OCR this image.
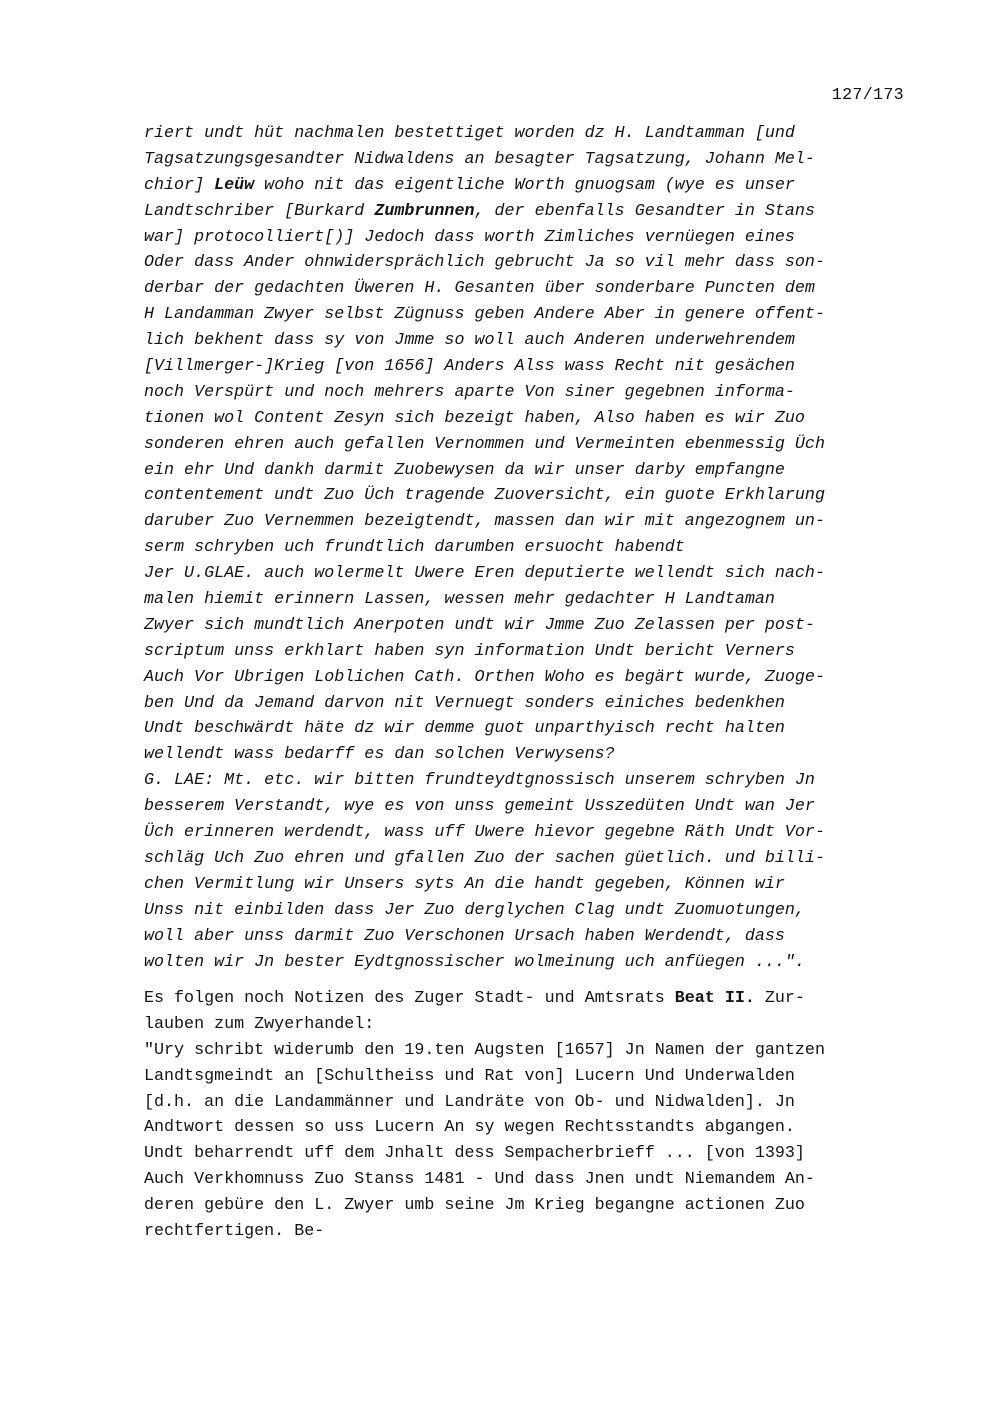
127/173
riert undt hüt nachmalen bestettiget worden dz H. Landtamman [und
Tagsatzungsgesandter Nidwaldens an besagter Tagsatzung, Johann Mel-
chior] Leüw woho nit das eigentliche Worth gnuogsam (wye es unser
Landtschriber [Burkard Zumbrunnen, der ebenfalls Gesandter in Stans
war] protocolliert[)] Jedoch dass worth Zimliches vernüegen eines
Oder dass Ander ohnwidersprächlich gebrucht Ja so vil mehr dass son-
derbar der gedachten Üweren H. Gesanten über sonderbare Puncten dem
H Landamman Zwyer selbst Zügnuss geben Andere Aber in genere offent-
lich bekhent dass sy von Jmme so woll auch Anderen underwehrendem
[Villmerger-]Krieg [von 1656] Anders Alss wass Recht nit gesächen
noch Verspürt und noch mehrers aparte Von siner gegebnen informa-
tionen wol Content Zesyn sich bezeigt haben, Also haben es wir Zuo
sonderen ehren auch gefallen Vernommen und Vermeinten ebenmessig Üch
ein ehr Und dankh darmit Zuobewysen da wir unser darby empfangne
contentement undt Zuo Üch tragende Zuoversicht, ein guote Erkhlarung
daruber Zuo Vernemmen bezeigtendt, massen dan wir mit angezognem un-
serm schryben uch frundtlich darumben ersuocht habendt
Jer U.GLAE. auch wolermelt Uwere Eren deputierte wellendt sich nach-
malen hiemit erinnern Lassen, wessen mehr gedachter H Landtaman
Zwyer sich mundtlich Anerpoten undt wir Jmme Zuo Zelassen per post-
scriptum unss erkhlart haben syn information Undt bericht Verners
Auch Vor Ubrigen Loblichen Cath. Orthen Woho es begärt wurde, Zuoge-
ben Und da Jemand darvon nit Vernuegt sonders einiches bedenkhen
Undt beschwärdt häte dz wir demme guot unparthyisch recht halten
wellendt wass bedarff es dan solchen Verwysens?
G. LAE: Mt. etc. wir bitten frundteydtgnossisch unserem schryben Jn
besserem Verstandt, wye es von unss gemeint Usszedüten Undt wan Jer
Üch erinneren werdendt, wass uff Uwere hievor gegebne Räth Undt Vor-
schläg Uch Zuo ehren und gfallen Zuo der sachen güetlich. und billi-
chen Vermitlung wir Unsers syts An die handt gegeben, Können wir
Unss nit einbilden dass Jer Zuo derglychen Clag undt Zuomuotungen,
woll aber unss darmit Zuo Verschonen Ursach haben Werdendt, dass
wolten wir Jn bester Eydtgnossischer wolmeinung uch anfüegen ...".
Es folgen noch Notizen des Zuger Stadt- und Amtsrats Beat II. Zur-
lauben zum Zwyerhandel:
"Ury schribt widerumb den 19.ten Augsten [1657] Jn Namen der gantzen
Landtsgmeindt an [Schultheiss und Rat von] Lucern Und Underwalden
[d.h. an die Landammänner und Landräte von Ob- und Nidwalden]. Jn
Andtwort dessen so uss Lucern An sy wegen Rechtsstandts abgangen.
Undt beharrendt uff dem Jnhalt dess Sempacherbrieff ... [von 1393]
Auch Verkhomnuss Zuo Stanss 1481 - Und dass Jnen undt Niemandem An-
deren gebüre den L. Zwyer umb seine Jm Krieg begangne actionen Zuo
rechtfertigen. Be-
